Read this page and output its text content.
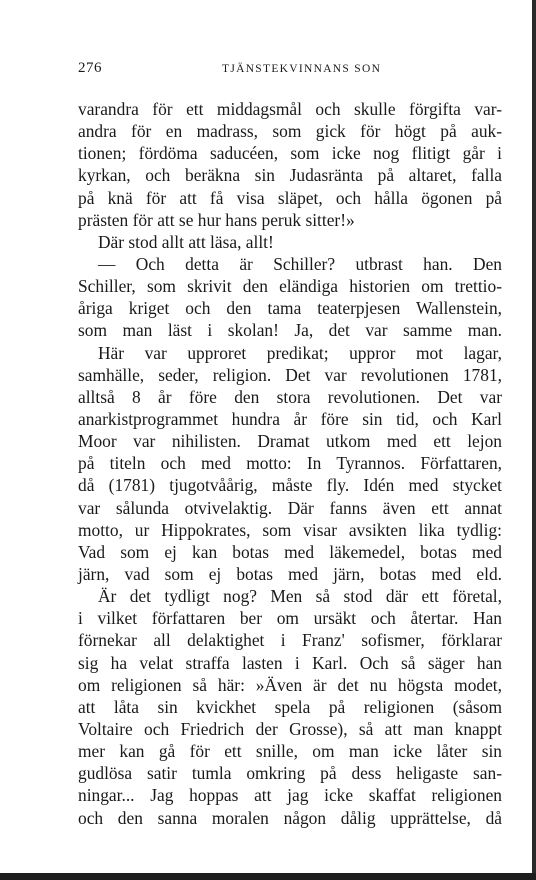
276	TJÄNSTEKVINNANS SON
varandra för ett middagsmål och skulle förgifta var-
andra för en madrass, som gick för högt på auk-
tionen; fördöma saducéen, som icke nog flitigt går i
kyrkan, och beräkna sin Judasränta på altaret, falla
på knä för att få visa släpet, och hålla ögonen på
prästen för att se hur hans peruk sitter!»
Där stod allt att läsa, allt!
— Och detta är Schiller? utbrast han. Den
Schiller, som skrivit den eländiga historien om trettio-
åriga kriget och den tama teaterpjesen Wallenstein,
som man läst i skolan! Ja, det var samme man.
Här var upproret predikat; uppror mot lagar,
samhälle, seder, religion. Det var revolutionen 1781,
alltså 8 år före den stora revolutionen. Det var
anarkistprogrammet hundra år före sin tid, och Karl
Moor var nihilisten. Dramat utkom med ett lejon
på titeln och med motto: In Tyrannos. Författaren,
då (1781) tjugotvåårig, måste fly. Idén med stycket
var sålunda otvivelaktig. Där fanns även ett annat
motto, ur Hippokrates, som visar avsikten lika tydlig:
Vad som ej kan botas med läkemedel, botas med
järn, vad som ej botas med järn, botas med eld.
Är det tydligt nog? Men så stod där ett företal,
i vilket författaren ber om ursäkt och återtar. Han
förnekar all delaktighet i Franz' sofismer, förklarar
sig ha velat straffa lasten i Karl. Och så säger han
om religionen så här: »Även är det nu högsta modet,
att låta sin kvickhet spela på religionen (såsom
Voltaire och Friedrich der Grosse), så att man knappt
mer kan gå för ett snille, om man icke låter sin
gudlösa satir tumla omkring på dess heligaste san-
ningar... Jag hoppas att jag icke skaffat religionen
och den sanna moralen någon dålig upprättelse, då
